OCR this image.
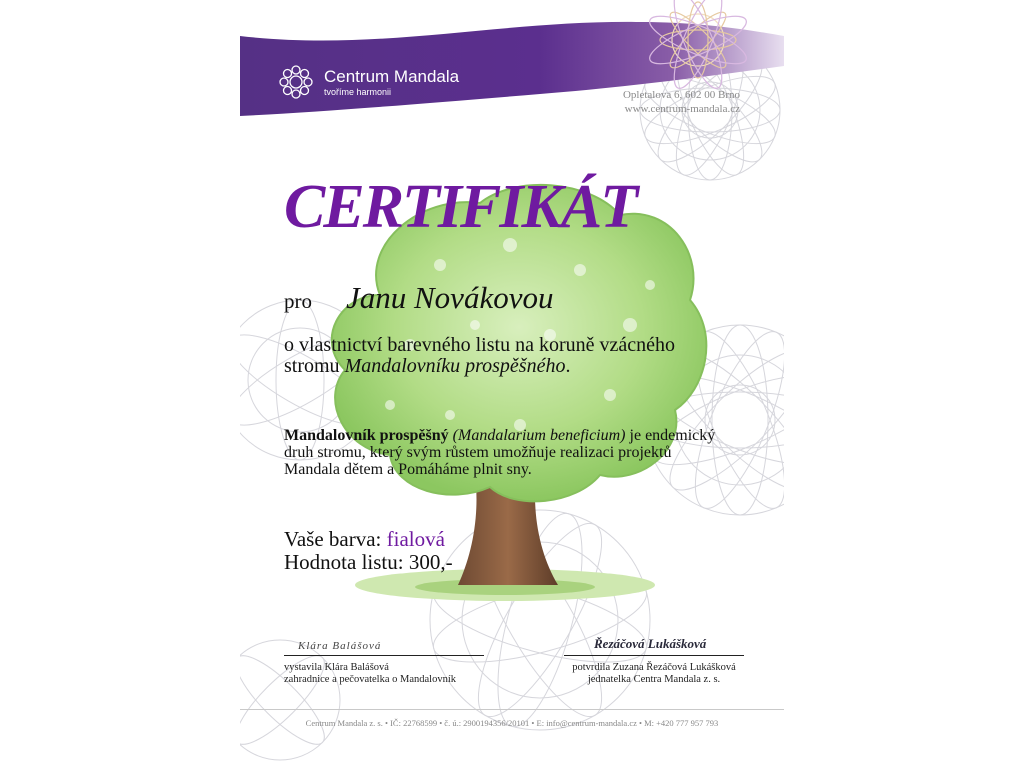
Centrum Mandala
tvoříme harmonii	Opletalova 6, 602 00 Brno
www.centrum-mandala.cz
CERTIFIKÁT
pro Janu Novákovou
o vlastnictví barevného listu na koruně vzácného stromu Mandalovníku prospěšného.
Mandalovník prospěšný (Mandalarium beneficium) je endemický druh stromu, který svým růstem umožňuje realizaci projektů Mandala dětem a Pomáháme plnit sny.
Vaše barva: fialová
Hodnota listu: 300,-
Klára Balášová
vystavila Klára Balášová
zahradnice a pečovatelka o Mandalovník
Řezáčová Lukášková
potvrdila Zuzana Řezáčová Lukášková
jednatelka Centra Mandala z. s.
Centrum Mandala z. s. • IČ: 22768599 • č. ú.: 2900194356/20101 • E: info@centrum-mandala.cz • M: +420 777 957 793
